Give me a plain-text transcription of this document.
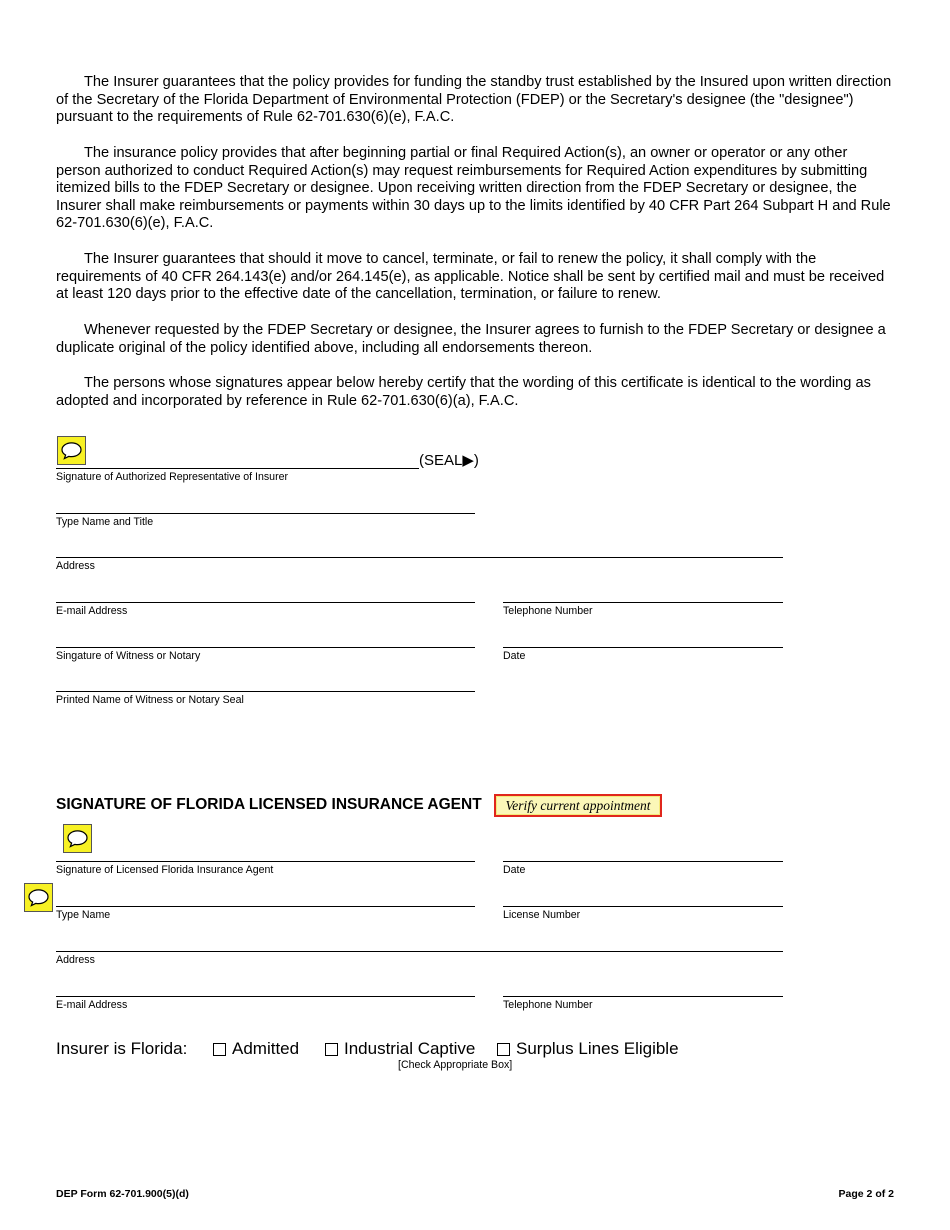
The Insurer guarantees that the policy provides for funding the standby trust established by the Insured upon written direction of the Secretary of the Florida Department of Environmental Protection (FDEP) or the Secretary's designee (the "designee") pursuant to the requirements of Rule 62-701.630(6)(e), F.A.C.
The insurance policy provides that after beginning partial or final Required Action(s), an owner or operator or any other person authorized to conduct Required Action(s) may request reimbursements for Required Action expenditures by submitting itemized bills to the FDEP Secretary or designee. Upon receiving written direction from the FDEP Secretary or designee, the Insurer shall make reimbursements or payments within 30 days up to the limits identified by 40 CFR Part 264 Subpart H and Rule 62-701.630(6)(e), F.A.C.
The Insurer guarantees that should it move to cancel, terminate, or fail to renew the policy, it shall comply with the requirements of 40 CFR 264.143(e) and/or 264.145(e), as applicable. Notice shall be sent by certified mail and must be received at least 120 days prior to the effective date of the cancellation, termination, or failure to renew.
Whenever requested by the FDEP Secretary or designee, the Insurer agrees to furnish to the FDEP Secretary or designee a duplicate original of the policy identified above, including all endorsements thereon.
The persons whose signatures appear below hereby certify that the wording of this certificate is identical to the wording as adopted and incorporated by reference in Rule 62-701.630(6)(a), F.A.C.
(SEAL▶)
Signature of Authorized Representative of Insurer
Type Name and Title
Address
E-mail Address	Telephone Number
Singature of Witness or Notary	Date
Printed Name of Witness or Notary Seal
SIGNATURE OF FLORIDA LICENSED INSURANCE AGENT	Verify current appointment
Signature of Licensed Florida Insurance Agent	Date
Type Name	License Number
Address
E-mail Address	Telephone Number
Insurer is Florida:	Admitted	Industrial Captive Surplus Lines Eligible
[Check Appropriate Box]
DEP Form 62-701.900(5)(d)	Page 2 of 2
